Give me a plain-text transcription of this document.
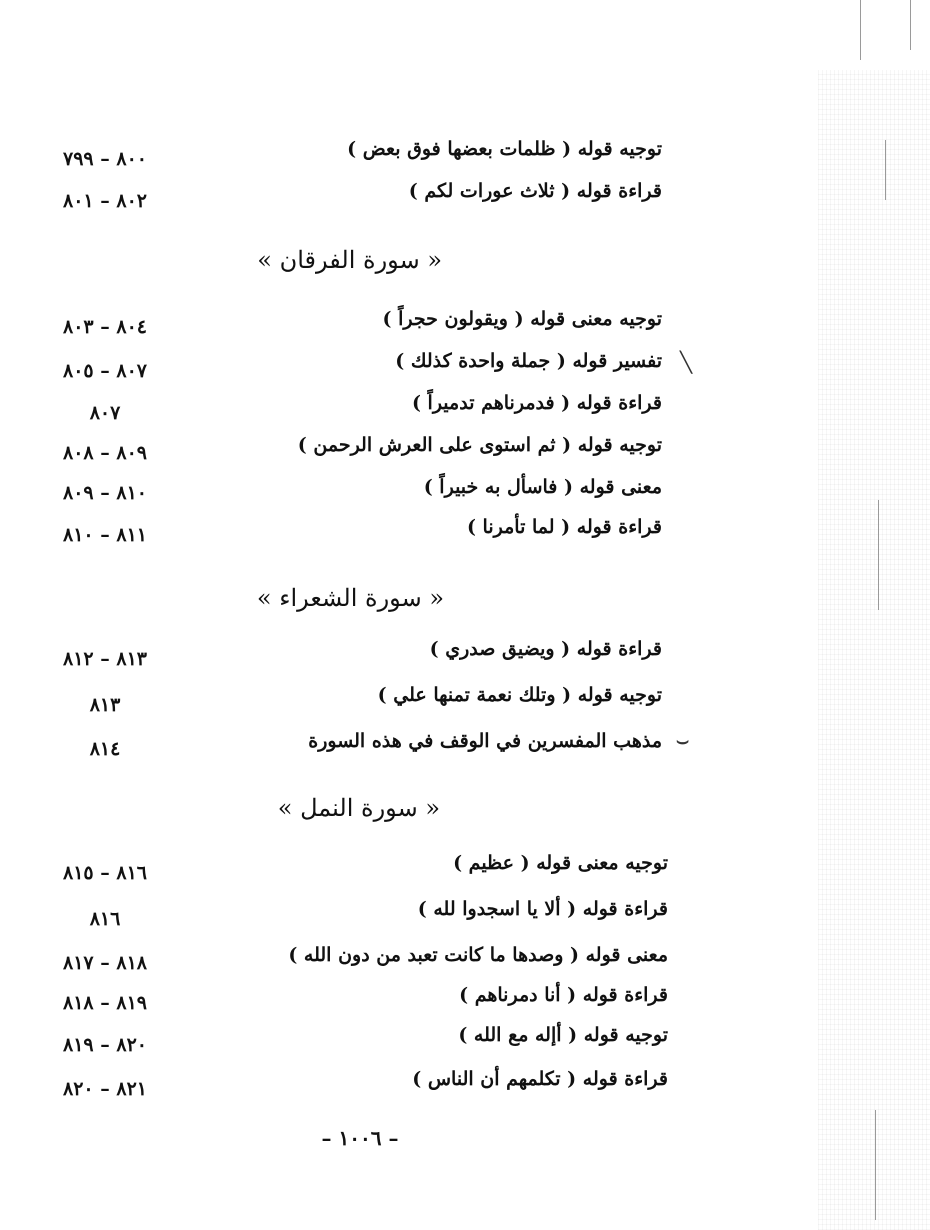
توجيه قوله ( ظلمات بعضها فوق بعض )
٨٠٠ – ٧٩٩
قراءة قوله ( ثلاث عورات لكم )
٨٠٢ – ٨٠١
« سورة الفرقان »
توجيه معنى قوله ( ويقولون حجراً )
٨٠٤ – ٨٠٣
╲
تفسير قوله ( جملة واحدة كذلك )
٨٠٧ – ٨٠٥
قراءة قوله ( فدمرناهم تدميراً )
٨٠٧
توجيه قوله ( ثم استوى على العرش الرحمن )
٨٠٩ – ٨٠٨
معنى قوله ( فاسأل به خبيراً )
٨١٠ – ٨٠٩
قراءة قوله ( لما تأمرنا )
٨١١ – ٨١٠
« سورة الشعراء »
قراءة قوله ( ويضيق صدري )
٨١٣ – ٨١٢
توجيه قوله ( وتلك نعمة تمنها علي )
٨١٣
⌣
مذهب المفسرين في الوقف في هذه السورة
٨١٤
« سورة النمل »
توجيه معنى قوله ( عظيم )
٨١٦ – ٨١٥
قراءة قوله ( ألا يا اسجدوا لله )
٨١٦
معنى قوله ( وصدها ما كانت تعبد من دون الله )
٨١٨ – ٨١٧
قراءة قوله ( أنا دمرناهم )
٨١٩ – ٨١٨
توجيه قوله ( أإله مع الله )
٨٢٠ – ٨١٩
قراءة قوله ( تكلمهم أن الناس )
٨٢١ – ٨٢٠
– ١٠٠٦ –
